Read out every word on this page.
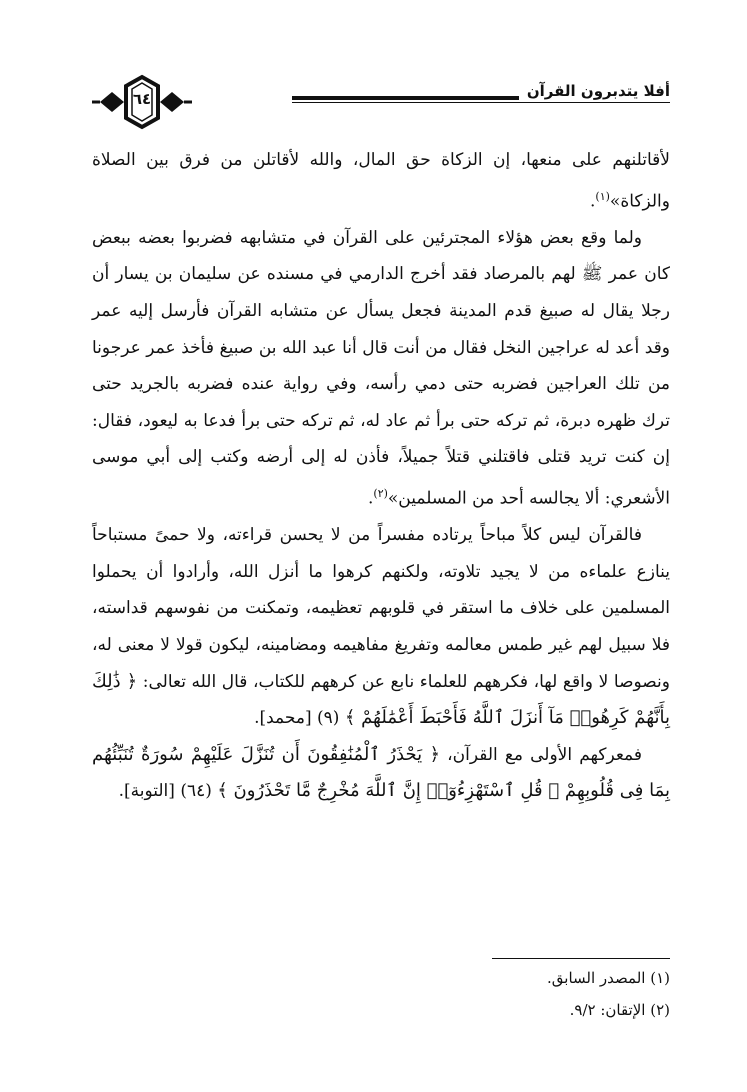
أفلا يتدبرون القرآن
٦٤

لأقاتلنهم على منعها، إن الزكاة حق المال، والله لأقاتلن من فرق بين الصلاة والزكاة»$^{(١)}$.

ولما وقع بعض هؤلاء المجترئين على القرآن في متشابهه فضربوا بعضه ببعض كان عمر ﷺ لهم بالمرصاد فقد أخرج الدارمي في مسنده عن سليمان بن يسار أن رجلا يقال له صبيغ قدم المدينة فجعل يسأل عن متشابه القرآن فأرسل إليه عمر وقد أعد له عراجين النخل فقال من أنت قال أنا عبد الله بن صبيغ فأخذ عمر عرجونا من تلك العراجين فضربه حتى دمي رأسه، وفي رواية عنده فضربه بالجريد حتى ترك ظهره دبرة، ثم تركه حتى برأ ثم عاد له، ثم تركه حتى برأ فدعا به ليعود، فقال: إن كنت تريد قتلى فاقتلني قتلاً جميلاً، فأذن له إلى أرضه وكتب إلى أبي موسى الأشعري: ألا يجالسه أحد من المسلمين»$^{(٢)}$.

فالقرآن ليس كلاً مباحاً يرتاده مفسراً من لا يحسن قراءته، ولا حمىً مستباحاً ينازع علماءه من لا يجيد تلاوته، ولكنهم كرهوا ما أنزل الله، وأرادوا أن يحملوا المسلمين على خلاف ما استقر في قلوبهم تعظيمه، وتمكنت من نفوسهم قداسته، فلا سبيل لهم غير طمس معالمه وتفريغ مفاهيمه ومضامينه، ليكون قولا لا معنى له، ونصوصا لا واقع لها، فكرههم للعلماء نابع عن كرههم للكتاب، قال الله تعالى: ﴿ ذَٰلِكَ بِأَنَّهُمْ كَرِهُوا۟ مَآ أَنزَلَ ٱللَّهُ فَأَحْبَطَ أَعْمَٰلَهُمْ ﴾ (٩) [محمد].

فمعركهم الأولى مع القرآن، ﴿ يَحْذَرُ ٱلْمُنَٰفِقُونَ أَن تُنَزَّلَ عَلَيْهِمْ سُورَةٌ تُنَبِّئُهُم بِمَا فِى قُلُوبِهِمْ ۚ قُلِ ٱسْتَهْزِءُوٓا۟ إِنَّ ٱللَّهَ مُخْرِجٌ مَّا تَحْذَرُونَ ﴾ (٦٤) [التوبة].

(١) المصدر السابق.
(٢) الإتقان: ٩/٢.
